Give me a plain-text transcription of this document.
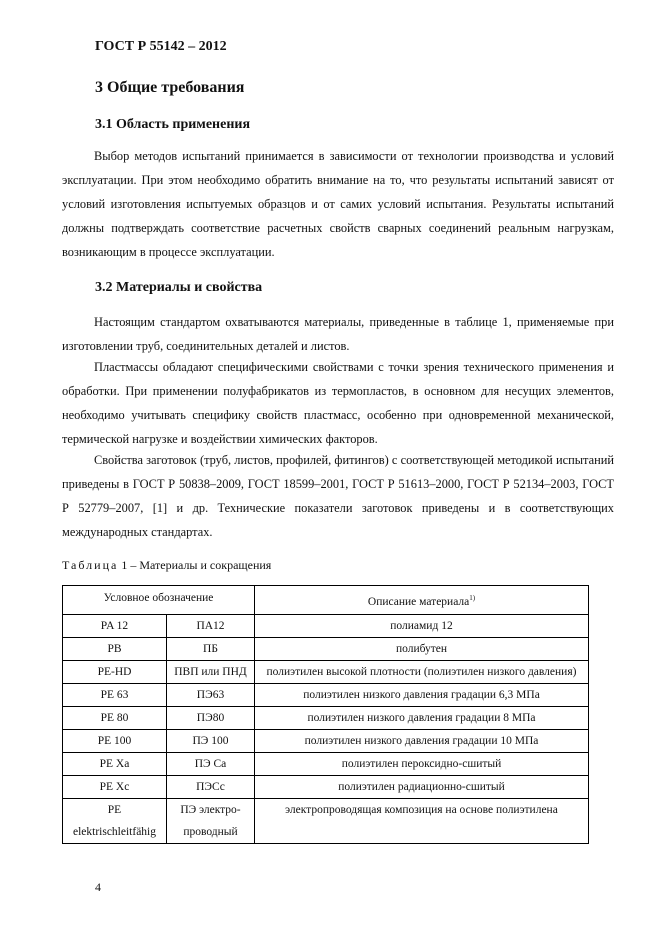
ГОСТ Р 55142 – 2012
3 Общие требования
3.1 Область применения

Выбор методов испытаний принимается в зависимости от технологии производства и условий эксплуатации. При этом необходимо обратить внимание на то, что результаты испытаний зависят от условий изготовления испытуемых образцов и от самих условий испытания. Результаты испытаний должны подтверждать соответствие расчетных свойств сварных соединений реальным нагрузкам, возникающим в процессе эксплуатации.

3.2 Материалы и свойства

Настоящим стандартом охватываются материалы, приведенные в таблице 1, применяемые при изготовлении труб, соединительных деталей и листов.

Пластмассы обладают специфическими свойствами с точки зрения технического применения и обработки. При применении полуфабрикатов из термопластов, в основном для несущих элементов, необходимо учитывать специфику свойств пластмасс, особенно при одновременной механической, термической нагрузке и воздействии химических факторов.

Свойства заготовок (труб, листов, профилей, фитингов) с соответствующей методикой испытаний приведены в ГОСТ Р 50838–2009, ГОСТ 18599–2001, ГОСТ Р 51613–2000, ГОСТ Р 52134–2003, ГОСТ Р 52779–2007, [1] и др. Технические показатели заготовок приведены и в соответствующих международных стандартах.

Таблица 1 – Материалы и сокращения
Условное обозначение		Описание материала$^{1)}$
PA 12	ПА12	полиамид 12
PB	ПБ	полибутен
PE-HD	ПВП или ПНД	полиэтилен высокой плотности (полиэтилен низкого давления)
PE 63	ПЭ63	полиэтилен низкого давления градации 6,3 МПа
PE 80	ПЭ80	полиэтилен низкого давления градации 8 МПа
PE 100	ПЭ 100	полиэтилен низкого давления градации 10 МПа
PE Xa	ПЭ Сa	полиэтилен пероксидно-сшитый
PE Xc	ПЭСс	полиэтилен радиационно-сшитый
PE elektrischleitfähig	ПЭ электро-проводный	электропроводящая композиция на основе полиэтилена
4
